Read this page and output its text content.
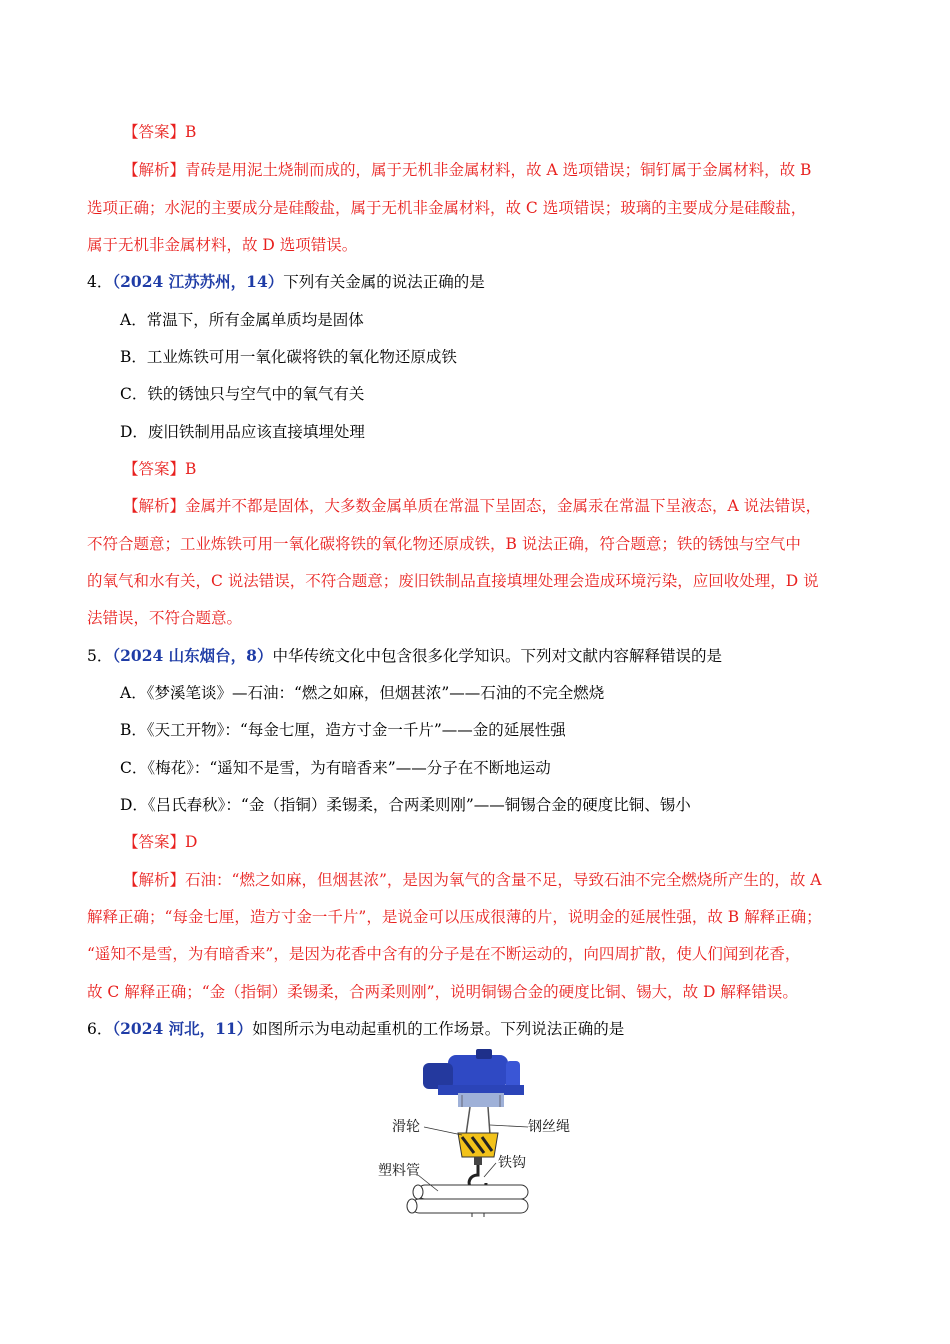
【答案】B
【解析】青砖是用泥土烧制而成的，属于无机非金属材料，故 A 选项错误；铜钉属于金属材料，故 B
选项正确；水泥的主要成分是硅酸盐，属于无机非金属材料，故 C 选项错误；玻璃的主要成分是硅酸盐，
属于无机非金属材料，故 D 选项错误。
4．（2024 江苏苏州，14）下列有关金属的说法正确的是
A．常温下，所有金属单质均是固体
B．工业炼铁可用一氧化碳将铁的氧化物还原成铁
C．铁的锈蚀只与空气中的氧气有关
D．废旧铁制用品应该直接填埋处理
【答案】B
【解析】金属并不都是固体，大多数金属单质在常温下呈固态，金属汞在常温下呈液态，A 说法错误，
不符合题意；工业炼铁可用一氧化碳将铁的氧化物还原成铁，B 说法正确，符合题意；铁的锈蚀与空气中
的氧气和水有关，C 说法错误，不符合题意；废旧铁制品直接填埋处理会造成环境污染，应回收处理，D 说
法错误，不符合题意。
5．（2024 山东烟台，8）中华传统文化中包含很多化学知识。下列对文献内容解释错误的是
A．《梦溪笔谈》—石油：“燃之如麻，但烟甚浓”——石油的不完全燃烧
B．《天工开物》：“每金七厘，造方寸金一千片”——金的延展性强
C．《梅花》：“遥知不是雪，为有暗香来”——分子在不断地运动
D．《吕氏春秋》：“金（指铜）柔锡柔，合两柔则刚”——铜锡合金的硬度比铜、锡小
【答案】D
【解析】石油：“燃之如麻，但烟甚浓”，是因为氧气的含量不足，导致石油不完全燃烧所产生的，故 A
解释正确；“每金七厘，造方寸金一千片”，是说金可以压成很薄的片，说明金的延展性强，故 B 解释正确；
“遥知不是雪，为有暗香来”，是因为花香中含有的分子是在不断运动的，向四周扩散，使人们闻到花香，
故 C 解释正确；“金（指铜）柔锡柔，合两柔则刚”，说明铜锡合金的硬度比铜、锡大，故 D 解释错误。
6．（2024 河北，11）如图所示为电动起重机的工作场景。下列说法正确的是
滑轮	钢丝绳
铁钩
塑料管
